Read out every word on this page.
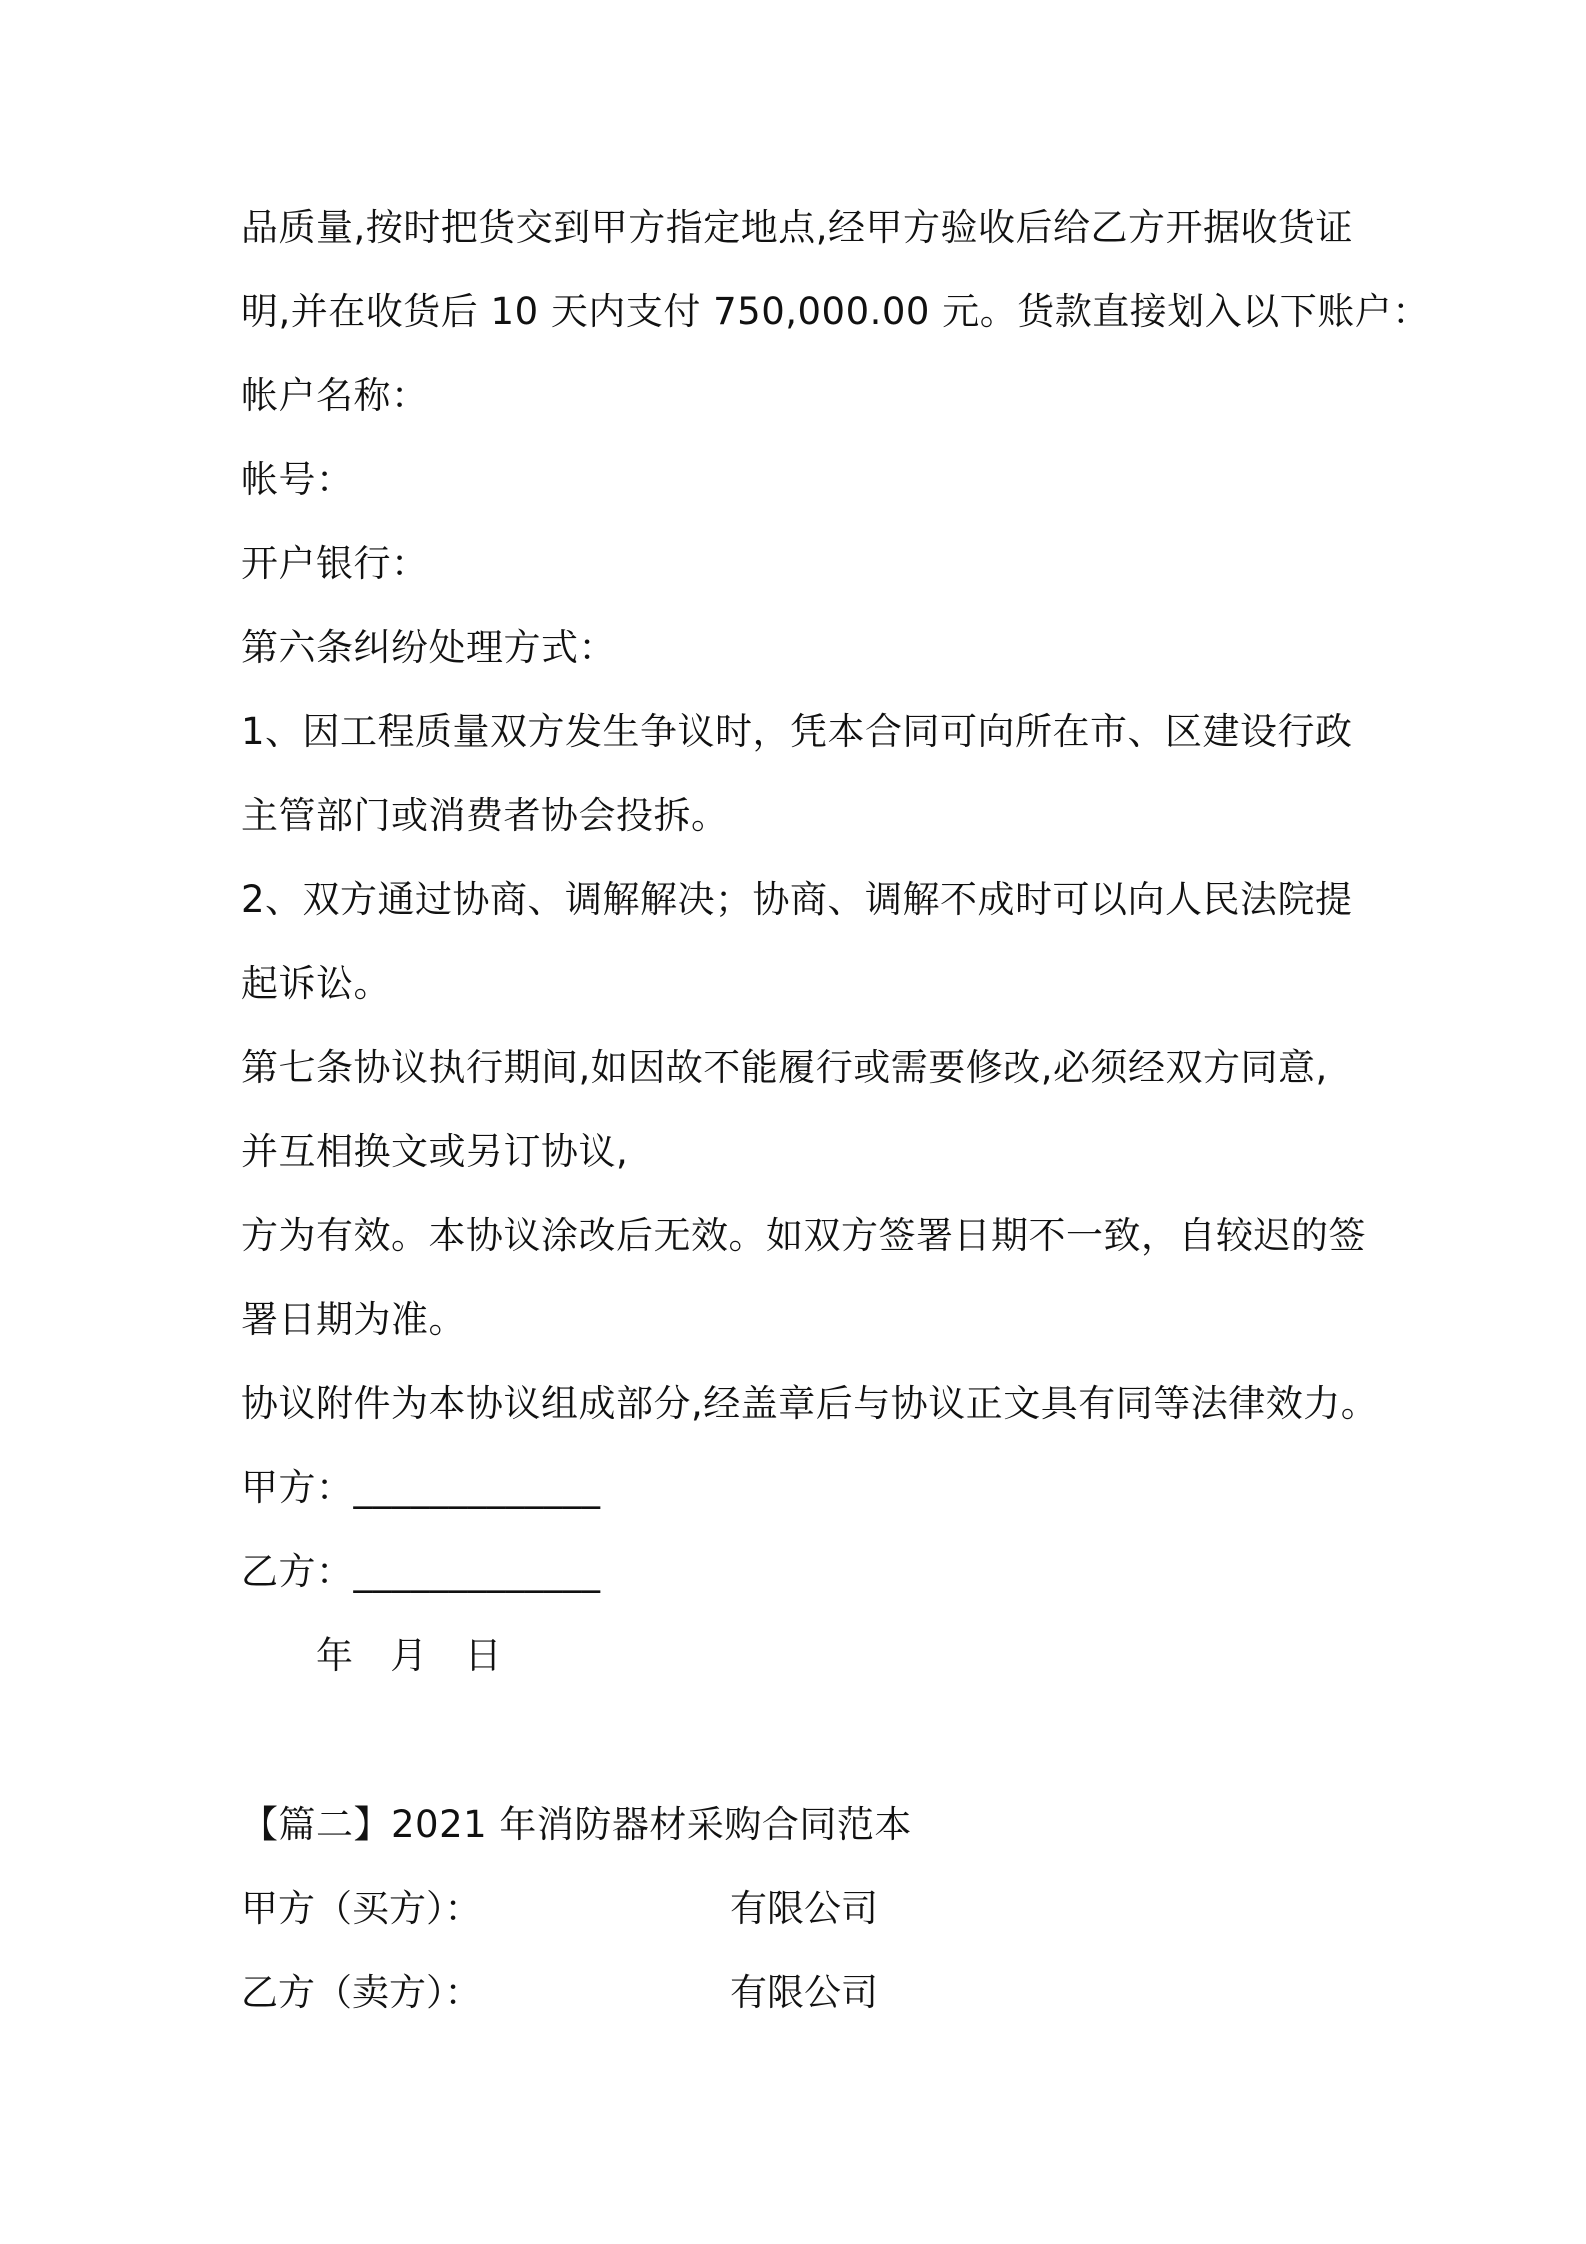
品质量,按时把货交到甲方指定地点,经甲方验收后给乙方开据收货证
明,并在收货后 10 天内支付 750,000.00 元。货款直接划入以下账户：
帐户名称：
帐号：
开户银行：
第六条纠纷处理方式：
1、因工程质量双方发生争议时，凭本合同可向所在市、区建设行政
主管部门或消费者协会投拆。
2、双方通过协商、调解解决；协商、调解不成时可以向人民法院提
起诉讼。
第七条协议执行期间,如因故不能履行或需要修改,必须经双方同意,
并互相换文或另订协议,
方为有效。本协议涂改后无效。如双方签署日期不一致，自较迟的签
署日期为准。
协议附件为本协议组成部分,经盖章后与协议正文具有同等法律效力。
甲方：_____________
乙方：_____________
年   月   日
【篇二】2021 年消防器材采购合同范本
甲方（买方）：	有限公司
乙方（卖方）：	有限公司
